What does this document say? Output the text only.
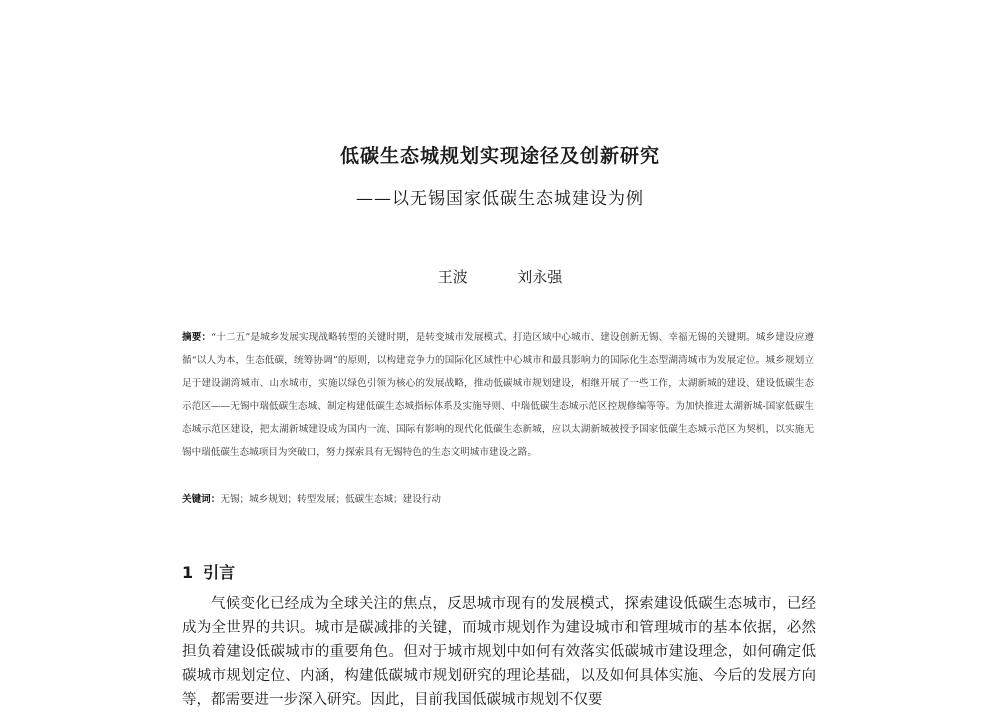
低碳生态城规划实现途径及创新研究
——以无锡国家低碳生态城建设为例
王波	刘永强
摘要：“十二五”是城乡发展实现战略转型的关键时期，是转变城市发展模式、打造区域中心城市、建设创新无锡、幸福无锡的关键期。城乡建设应遵循“以人为本，生态低碳，统筹协调”的原则，以构建竞争力的国际化区域性中心城市和最具影响力的国际化生态型湖湾城市为发展定位。城乡规划立足于建设湖湾城市、山水城市，实施以绿色引领为核心的发展战略，推动低碳城市规划建设，相继开展了一些工作，太湖新城的建设、建设低碳生态示范区——无锡中瑞低碳生态城、制定构建低碳生态城指标体系及实施导则、中瑞低碳生态城示范区控规修编等等。为加快推进太湖新城-国家低碳生态城示范区建设，把太湖新城建设成为国内一流、国际有影响的现代化低碳生态新城，应以太湖新城被授予国家低碳生态城示范区为契机，以实施无锡中瑞低碳生态城项目为突破口，努力探索具有无锡特色的生态文明城市建设之路。
关键词：无锡；城乡规划；转型发展；低碳生态城；建设行动
1 引言
气候变化已经成为全球关注的焦点，反思城市现有的发展模式，探索建设低碳生态城市，已经成为全世界的共识。城市是碳减排的关键，而城市规划作为建设城市和管理城市的基本依据，必然担负着建设低碳城市的重要角色。但对于城市规划中如何有效落实低碳城市建设理念，如何确定低碳城市规划定位、内涵，构建低碳城市规划研究的理论基础，以及如何具体实施、今后的发展方向等，都需要进一步深入研究。因此，目前我国低碳城市规划不仅要
